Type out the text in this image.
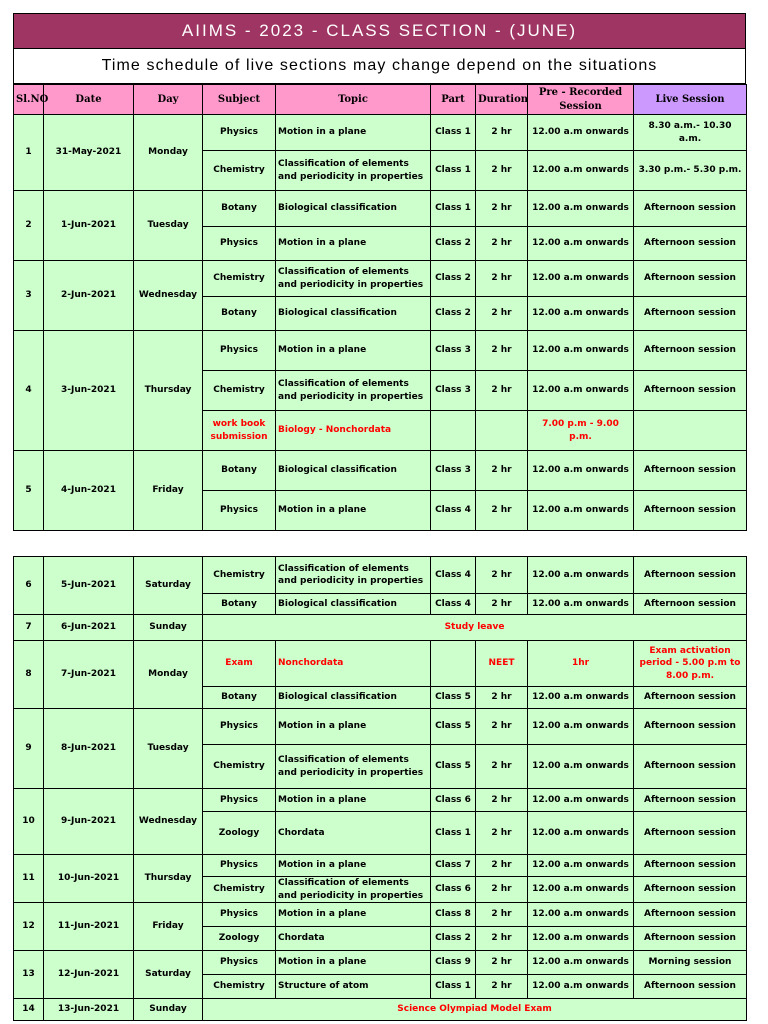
AIIMS - 2023 - CLASS SECTION - (JUNE)
Time schedule of live sections may change depend on the situations
Sl.NO	Date	Day	Subject	Topic	Part	Duration	Pre - Recorded Session	Live Session
1	31-May-2021	Monday	Physics	Motion in a plane	Class 1	2 hr	12.00 a.m onwards	8.30 a.m.- 10.30 a.m.
			Chemistry	Classification of elements and periodicity in properties	Class 1	2 hr	12.00 a.m onwards	3.30 p.m.- 5.30 p.m.
2	1-Jun-2021	Tuesday	Botany	Biological classification	Class 1	2 hr	12.00 a.m onwards	Afternoon session
			Physics	Motion in a plane	Class 2	2 hr	12.00 a.m onwards	Afternoon session
3	2-Jun-2021	Wednesday	Chemistry	Classification of elements and periodicity in properties	Class 2	2 hr	12.00 a.m onwards	Afternoon session
			Botany	Biological classification	Class 2	2 hr	12.00 a.m onwards	Afternoon session
4	3-Jun-2021	Thursday	Physics	Motion in a plane	Class 3	2 hr	12.00 a.m onwards	Afternoon session
			Chemistry	Classification of elements and periodicity in properties	Class 3	2 hr	12.00 a.m onwards	Afternoon session
			work book submission	Biology - Nonchordata			7.00 p.m - 9.00 p.m.	
5	4-Jun-2021	Friday	Botany	Biological classification	Class 3	2 hr	12.00 a.m onwards	Afternoon session
			Physics	Motion in a plane	Class 4	2 hr	12.00 a.m onwards	Afternoon session
6	5-Jun-2021	Saturday	Chemistry	Classification of elements and periodicity in properties	Class 4	2 hr	12.00 a.m onwards	Afternoon session
			Botany	Biological classification	Class 4	2 hr	12.00 a.m onwards	Afternoon session
7	6-Jun-2021	Sunday	Study leave					
8	7-Jun-2021	Monday	Exam	Nonchordata		NEET	1hr	Exam activation period - 5.00 p.m to 8.00 p.m.
			Botany	Biological classification	Class 5	2 hr	12.00 a.m onwards	Afternoon session
9	8-Jun-2021	Tuesday	Physics	Motion in a plane	Class 5	2 hr	12.00 a.m onwards	Afternoon session
			Chemistry	Classification of elements and periodicity in properties	Class 5	2 hr	12.00 a.m onwards	Afternoon session
10	9-Jun-2021	Wednesday	Physics	Motion in a plane	Class 6	2 hr	12.00 a.m onwards	Afternoon session
			Zoology	Chordata	Class 1	2 hr	12.00 a.m onwards	Afternoon session
11	10-Jun-2021	Thursday	Physics	Motion in a plane	Class 7	2 hr	12.00 a.m onwards	Afternoon session
			Chemistry	Classification of elements and periodicity in properties	Class 6	2 hr	12.00 a.m onwards	Afternoon session
12	11-Jun-2021	Friday	Physics	Motion in a plane	Class 8	2 hr	12.00 a.m onwards	Afternoon session
			Zoology	Chordata	Class 2	2 hr	12.00 a.m onwards	Afternoon session
13	12-Jun-2021	Saturday	Physics	Motion in a plane	Class 9	2 hr	12.00 a.m onwards	Morning session
			Chemistry	Structure of atom	Class 1	2 hr	12.00 a.m onwards	Afternoon session
14	13-Jun-2021	Sunday	Science Olympiad Model Exam					
